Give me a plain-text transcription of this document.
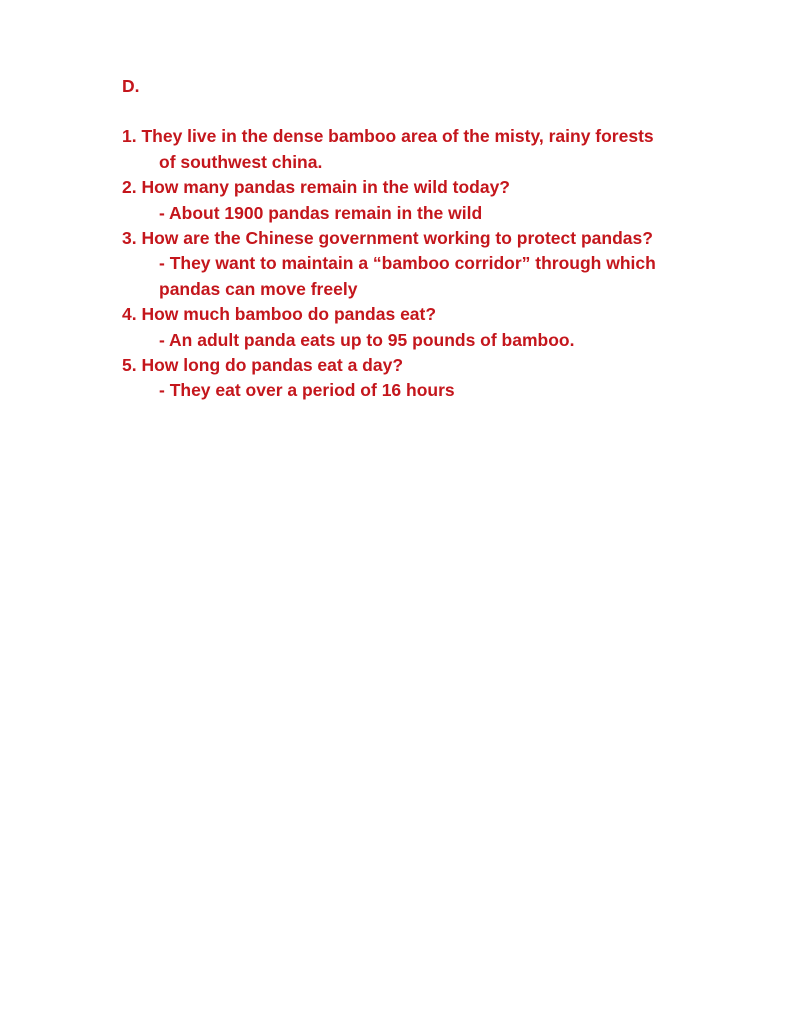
D.
1. They live in the dense bamboo area of the misty, rainy forests
of southwest china.
2. How many pandas remain in the wild today?
- About 1900 pandas remain in the wild
3. How are the Chinese government working to protect pandas?
- They want to maintain a “bamboo corridor” through which
pandas can move freely
4. How much bamboo do pandas eat?
- An adult panda eats up to 95 pounds of bamboo.
5. How long do pandas eat a day?
- They eat over a period of 16 hours
